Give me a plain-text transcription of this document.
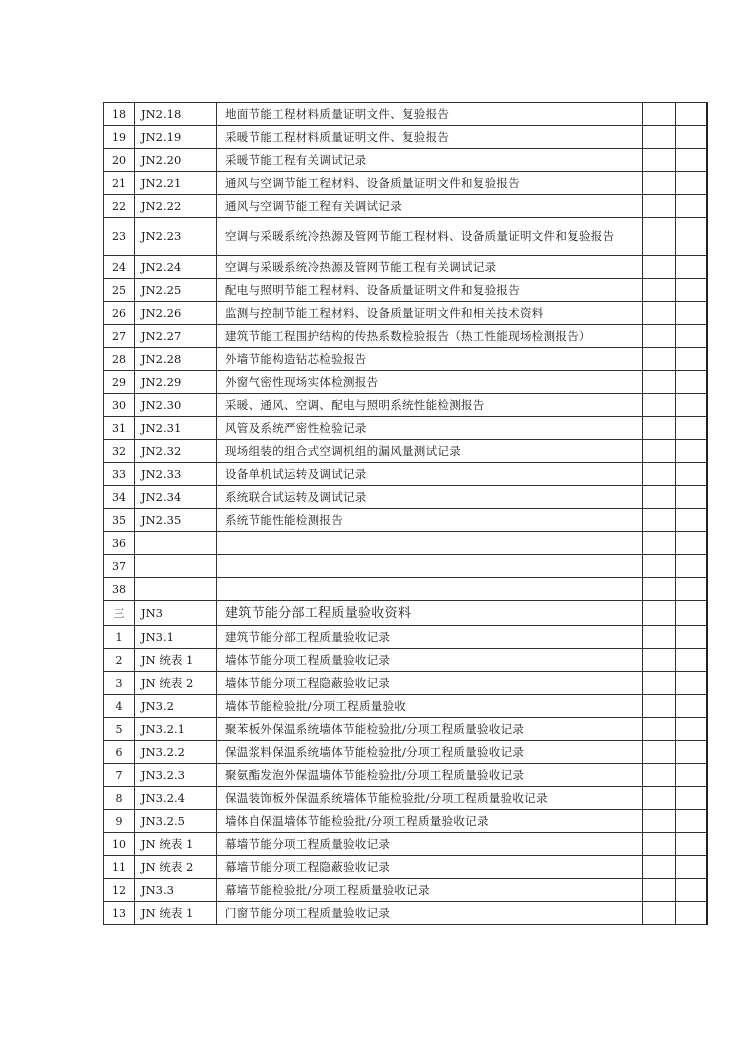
18	JN2.18	地面节能工程材料质量证明文件、复验报告		
19	JN2.19	采暖节能工程材料质量证明文件、复验报告		
20	JN2.20	采暖节能工程有关调试记录		
21	JN2.21	通风与空调节能工程材料、设备质量证明文件和复验报告		
22	JN2.22	通风与空调节能工程有关调试记录		
23	JN2.23	空调与采暖系统冷热源及管网节能工程材料、设备质量证明文件和复验报告		
24	JN2.24	空调与采暖系统冷热源及管网节能工程有关调试记录		
25	JN2.25	配电与照明节能工程材料、设备质量证明文件和复验报告		
26	JN2.26	监测与控制节能工程材料、设备质量证明文件和相关技术资料		
27	JN2.27	建筑节能工程围护结构的传热系数检验报告（热工性能现场检测报告）		
28	JN2.28	外墙节能构造钻芯检验报告		
29	JN2.29	外窗气密性现场实体检测报告		
30	JN2.30	采暖、通风、空调、配电与照明系统性能检测报告		
31	JN2.31	风管及系统严密性检验记录		
32	JN2.32	现场组装的组合式空调机组的漏风量测试记录		
33	JN2.33	设备单机试运转及调试记录		
34	JN2.34	系统联合试运转及调试记录		
35	JN2.35	系统节能性能检测报告		
36				
37				
38				
三	JN3	建筑节能分部工程质量验收资料		
1	JN3.1	建筑节能分部工程质量验收记录		
2	JN 统表 1	墙体节能分项工程质量验收记录		
3	JN 统表 2	墙体节能分项工程隐蔽验收记录		
4	JN3.2	墙体节能检验批/分项工程质量验收		
5	JN3.2.1	聚苯板外保温系统墙体节能检验批/分项工程质量验收记录		
6	JN3.2.2	保温浆料保温系统墙体节能检验批/分项工程质量验收记录		
7	JN3.2.3	聚氨酯发泡外保温墙体节能检验批/分项工程质量验收记录		
8	JN3.2.4	保温装饰板外保温系统墙体节能检验批/分项工程质量验收记录		
9	JN3.2.5	墙体自保温墙体节能检验批/分项工程质量验收记录		
10	JN 统表 1	幕墙节能分项工程质量验收记录		
11	JN 统表 2	幕墙节能分项工程隐蔽验收记录		
12	JN3.3	幕墙节能检验批/分项工程质量验收记录		
13	JN 统表 1	门窗节能分项工程质量验收记录		
